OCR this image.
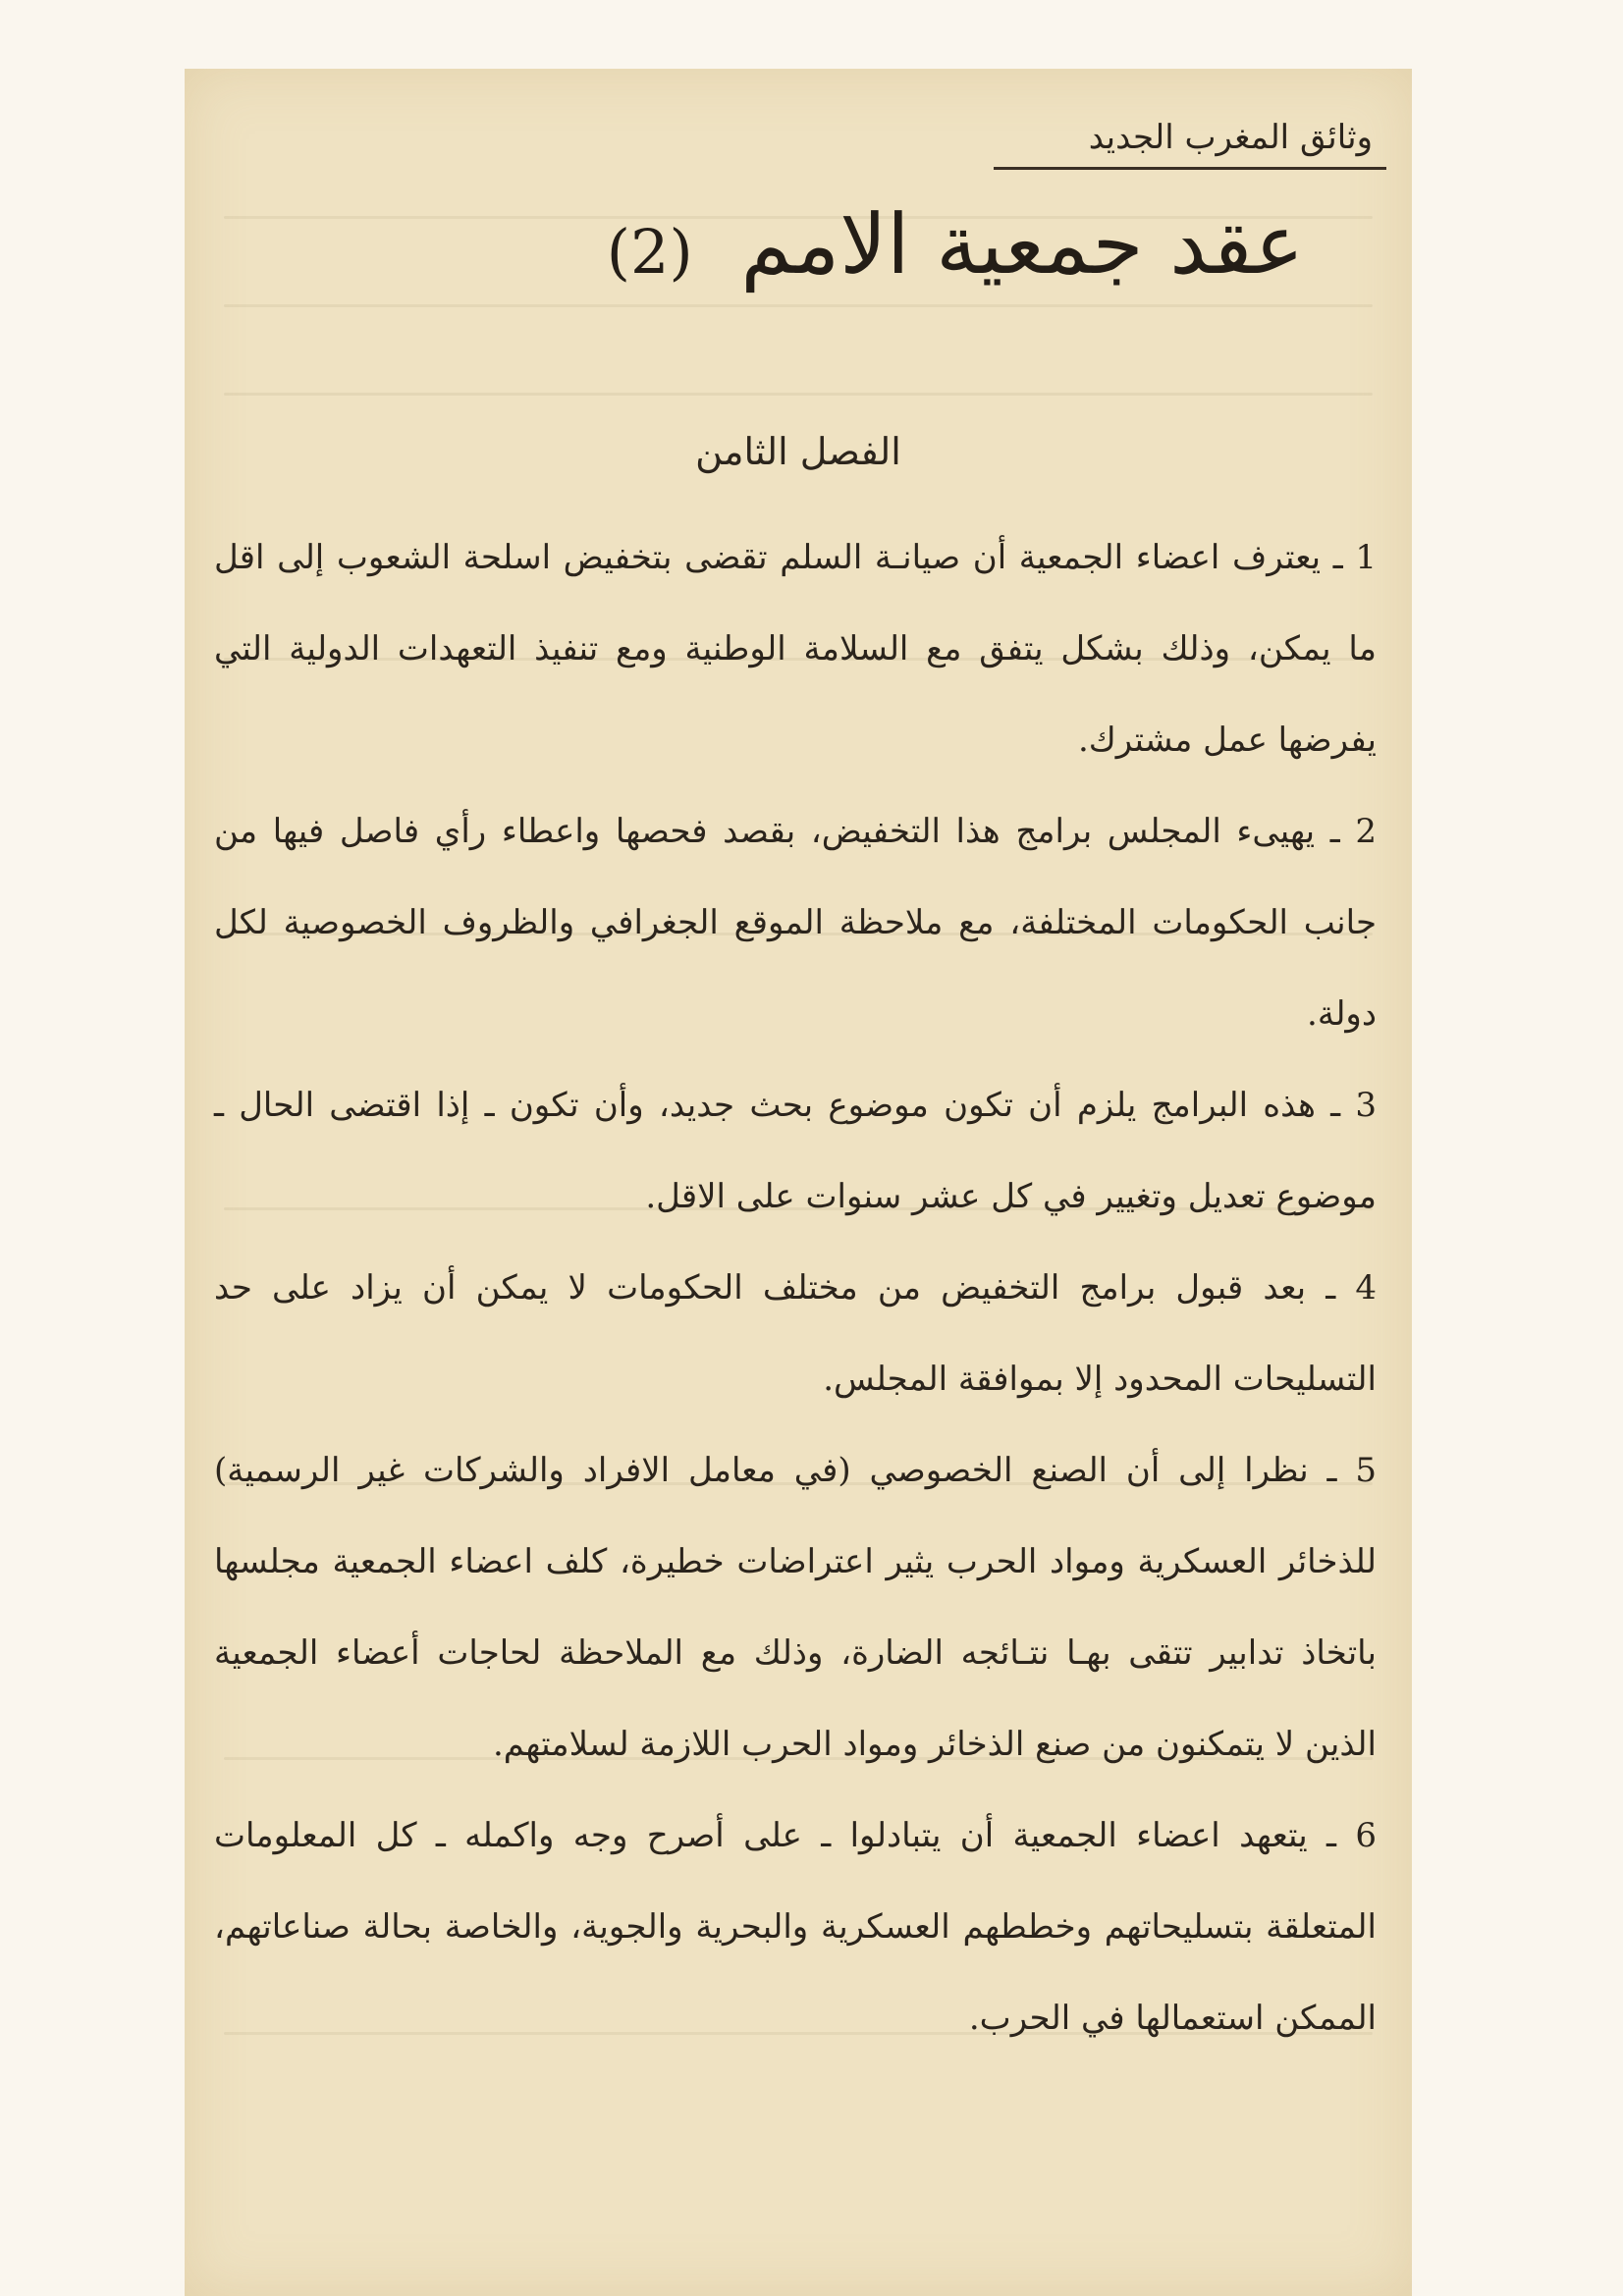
وثائق المغرب الجديد
عقد جمعية الامم (2)
الفصل الثامن

1 ـ يعترف اعضاء الجمعية أن صيانـة السلم تقضى بتخفيض اسلحة الشعوب إلى اقل ما يمكن، وذلك بشكل يتفق مع السلامة الوطنية ومع تنفيذ التعهدات الدولية التي يفرضها عمل مشترك.

2 ـ يهيىء المجلس برامج هذا التخفيض، بقصد فحصها واعطاء رأي فاصل فيها من جانب الحكومات المختلفة، مع ملاحظة الموقع الجغرافي والظروف الخصوصية لكل دولة.

3 ـ هذه البرامج يلزم أن تكون موضوع بحث جديد، وأن تكون ـ إذا اقتضى الحال ـ موضوع تعديل وتغيير في كل عشر سنوات على الاقل.

4 ـ بعد قبول برامج التخفيض من مختلف الحكومات لا يمكن أن يزاد على حد التسليحات المحدود إلا بموافقة المجلس.

5 ـ نظرا إلى أن الصنع الخصوصي (في معامل الافراد والشركات غير الرسمية) للذخائر العسكرية ومواد الحرب يثير اعتراضات خطيرة، كلف اعضاء الجمعية مجلسها باتخاذ تدابير تتقى بهـا نتـائجه الضارة، وذلك مع الملاحظة لحاجات أعضاء الجمعية الذين لا يتمكنون من صنع الذخائر ومواد الحرب اللازمة لسلامتهم.

6 ـ يتعهد اعضاء الجمعية أن يتبادلوا ـ على أصرح وجه واكمله ـ كل المعلومات المتعلقة بتسليحاتهم وخططهم العسكرية والبحرية والجوية، والخاصة بحالة صناعاتهم، الممكن استعمالها في الحرب.
